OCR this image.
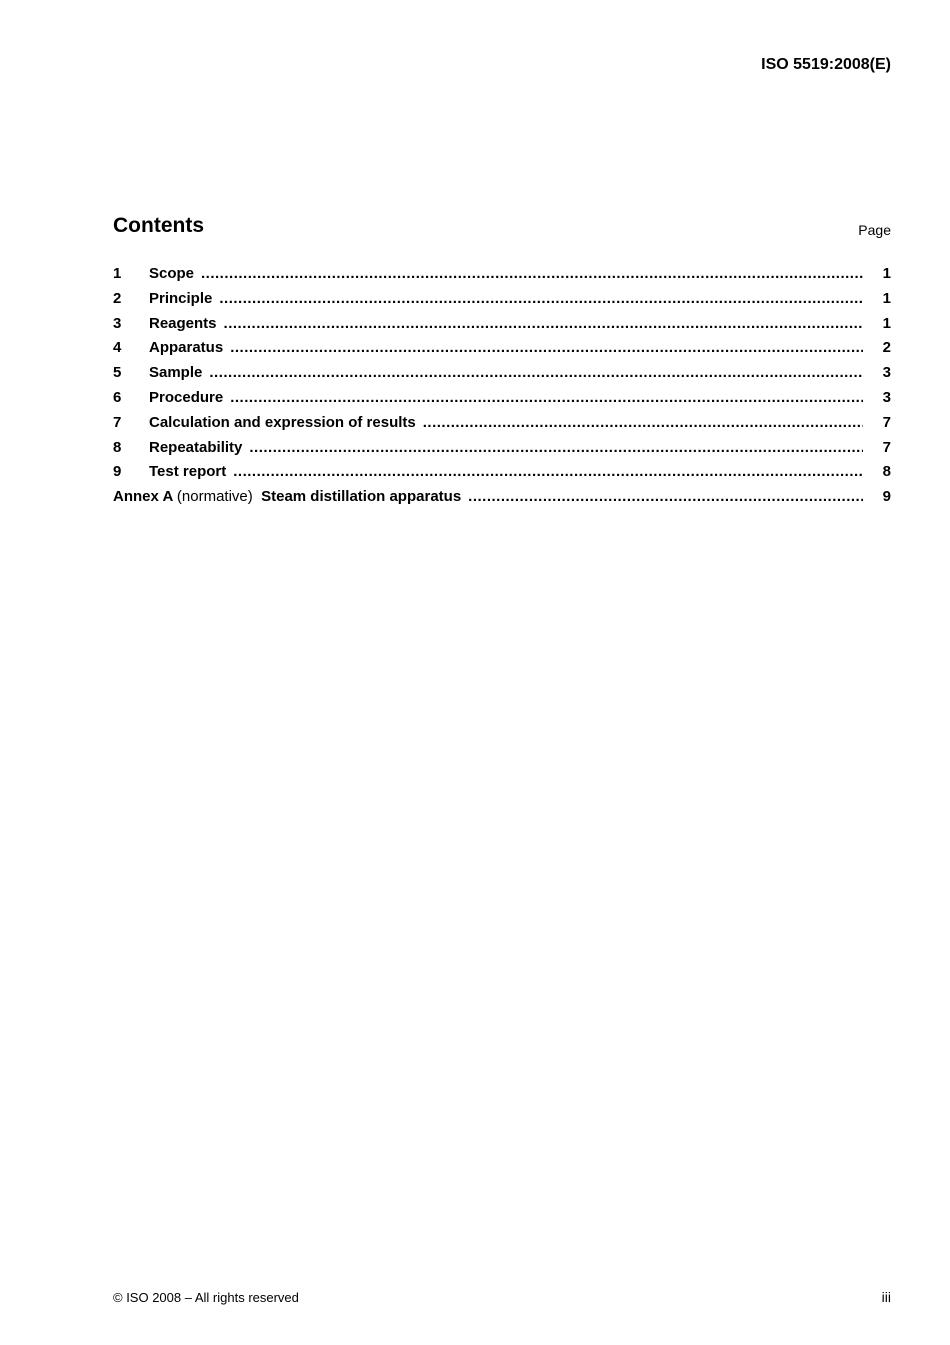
ISO 5519:2008(E)
Contents	Page
1	Scope .....	1
2	Principle .....	1
3	Reagents .....	1
4	Apparatus .....	2
5	Sample .....	3
6	Procedure .....	3
7	Calculation and expression of results .....	7
8	Repeatability .....	7
9	Test report .....	8
Annex A (normative) Steam distillation apparatus .....	9
© ISO 2008 – All rights reserved	iii
